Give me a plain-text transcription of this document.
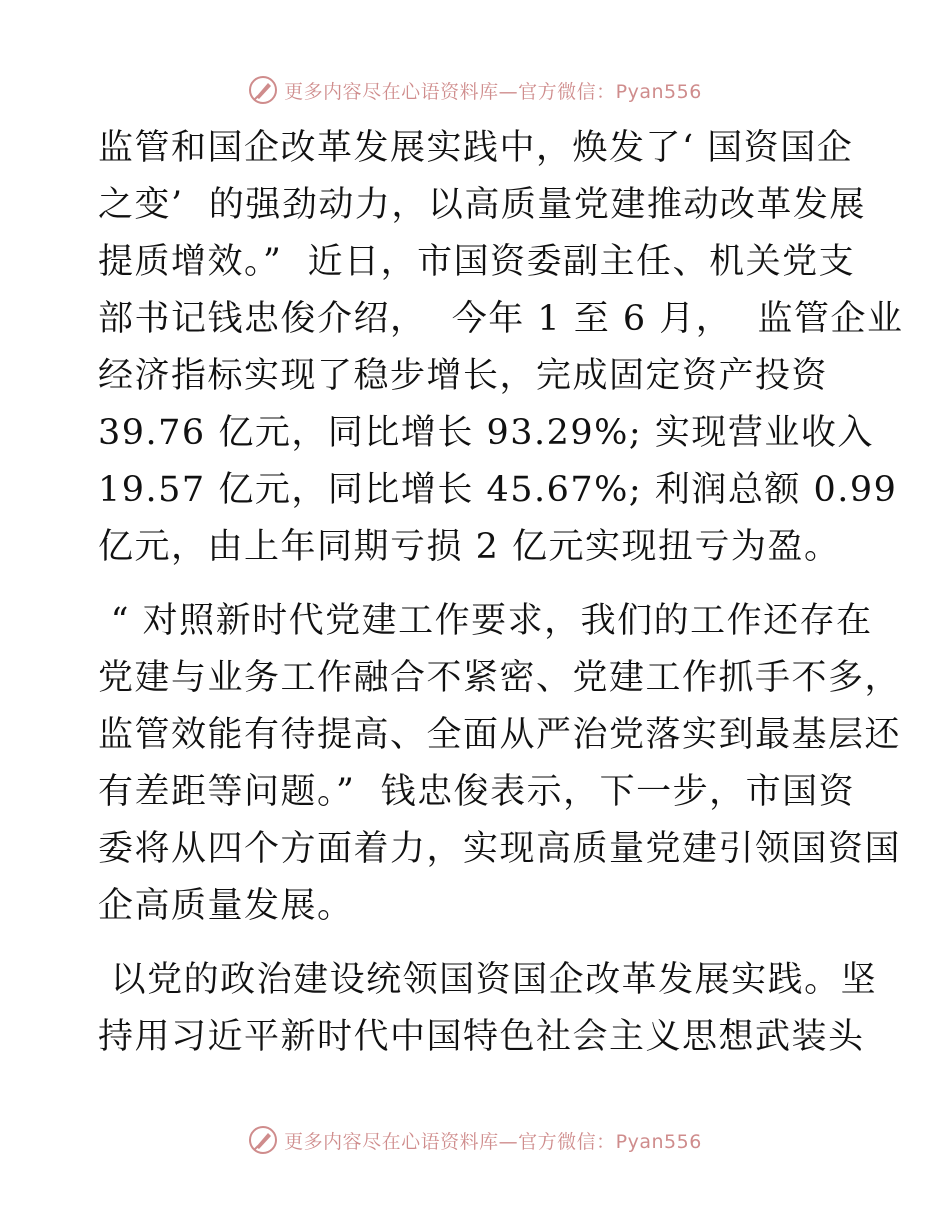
更多内容尽在心语资料库—官方微信：Pyan556
监管和国企改革发展实践中，焕发了‘ 国资国企
之变’  的强劲动力，以高质量党建推动改革发展
提质增效。”  近日，市国资委副主任、机关党支
部书记钱忠俊介绍，  今年 1 至 6 月，  监管企业
经济指标实现了稳步增长，完成固定资产投资
39.76 亿元，同比增长 93.29%; 实现营业收入
19.57 亿元，同比增长 45.67%; 利润总额 0.99
亿元，由上年同期亏损 2 亿元实现扭亏为盈。
“ 对照新时代党建工作要求，我们的工作还存在
党建与业务工作融合不紧密、党建工作抓手不多，
监管效能有待提高、全面从严治党落实到最基层还
有差距等问题。”  钱忠俊表示，下一步，市国资
委将从四个方面着力，实现高质量党建引领国资国
企高质量发展。
以党的政治建设统领国资国企改革发展实践。坚
持用习近平新时代中国特色社会主义思想武装头
更多内容尽在心语资料库—官方微信：Pyan556
